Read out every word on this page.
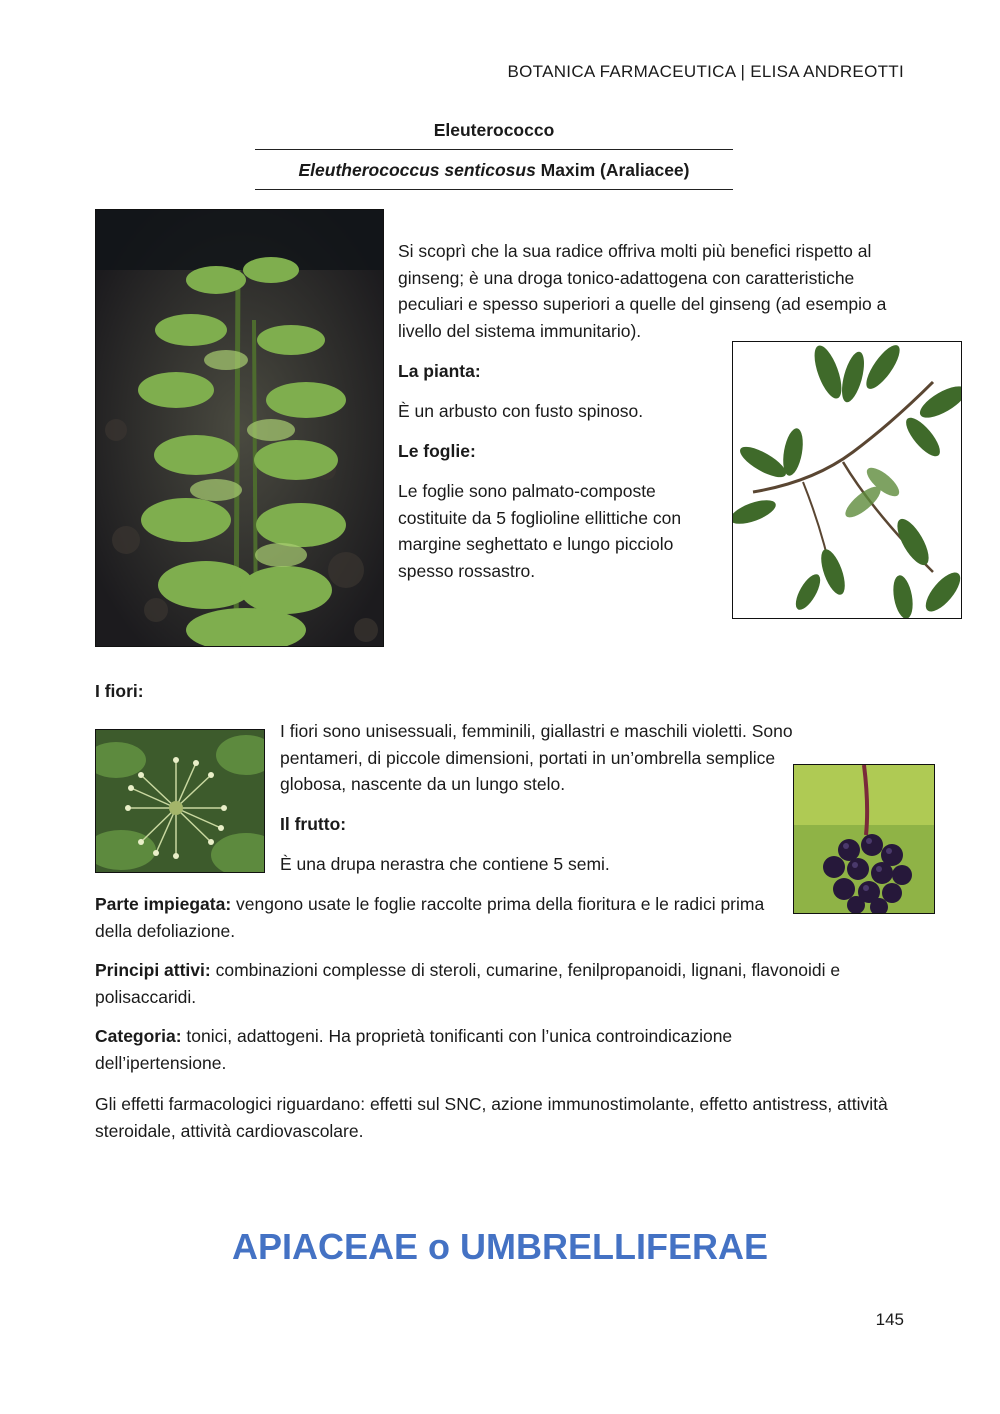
BOTANICA FARMACEUTICA | ELISA ANDREOTTI
Eleuterococco
Eleutherococcus senticosus Maxim (Araliacee)

Si scoprì che la sua radice offriva molti più benefici rispetto al ginseng; è una droga tonico-adattogena con caratteristiche peculiari e spesso superiori a quelle del ginseng (ad esempio a livello del sistema immunitario).

La pianta:

È un arbusto con fusto spinoso.

Le foglie:

Le foglie sono palmato-composte costituite da 5 foglioline ellittiche con margine seghettato e lungo picciolo spesso rossastro.

I fiori:

I fiori sono unisessuali, femminili, giallastri e maschili violetti. Sono pentameri, di piccole dimensioni, portati in un’ombrella semplice globosa, nascente da un lungo stelo.

Il frutto:

È una drupa nerastra che contiene 5 semi.

Parte impiegata: vengono usate le foglie raccolte prima della fioritura e le radici prima della defoliazione.

Principi attivi: combinazioni complesse di steroli, cumarine, fenilpropanoidi, lignani, flavonoidi e polisaccaridi.

Categoria: tonici, adattogeni. Ha proprietà tonificanti con l’unica controindicazione dell’ipertensione.

Gli effetti farmacologici riguardano: effetti sul SNC, azione immunostimolante, effetto antistress, attività steroidale, attività cardiovascolare.

APIACEAE o UMBRELLIFERAE
145
